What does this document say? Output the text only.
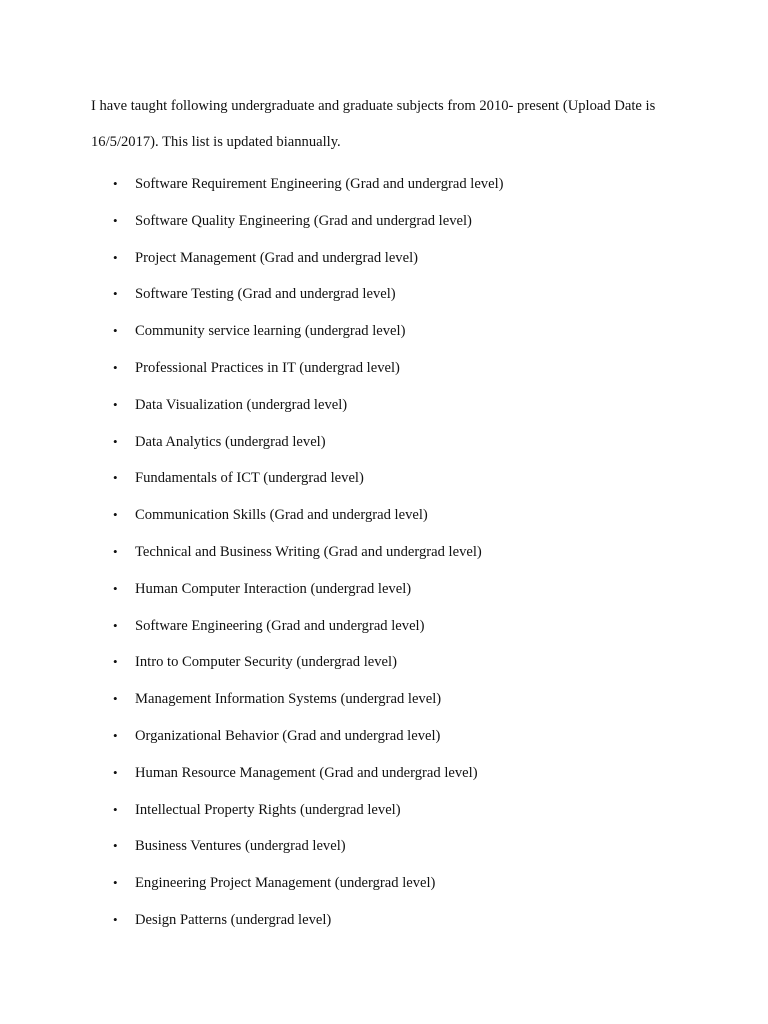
I have taught following undergraduate and graduate subjects from 2010- present (Upload Date is
16/5/2017). This list is updated biannually.

• Software Requirement Engineering (Grad and undergrad level)
• Software Quality Engineering (Grad and undergrad level)
• Project Management (Grad and undergrad level)
• Software Testing (Grad and undergrad level)
• Community service learning (undergrad level)
• Professional Practices in IT (undergrad level)
• Data Visualization (undergrad level)
• Data Analytics (undergrad level)
• Fundamentals of ICT (undergrad level)
• Communication Skills (Grad and undergrad level)
• Technical and Business Writing (Grad and undergrad level)
• Human Computer Interaction (undergrad level)
• Software Engineering (Grad and undergrad level)
• Intro to Computer Security (undergrad level)
• Management Information Systems (undergrad level)
• Organizational Behavior (Grad and undergrad level)
• Human Resource Management (Grad and undergrad level)
• Intellectual Property Rights (undergrad level)
• Business Ventures (undergrad level)
• Engineering Project Management (undergrad level)
• Design Patterns (undergrad level)
